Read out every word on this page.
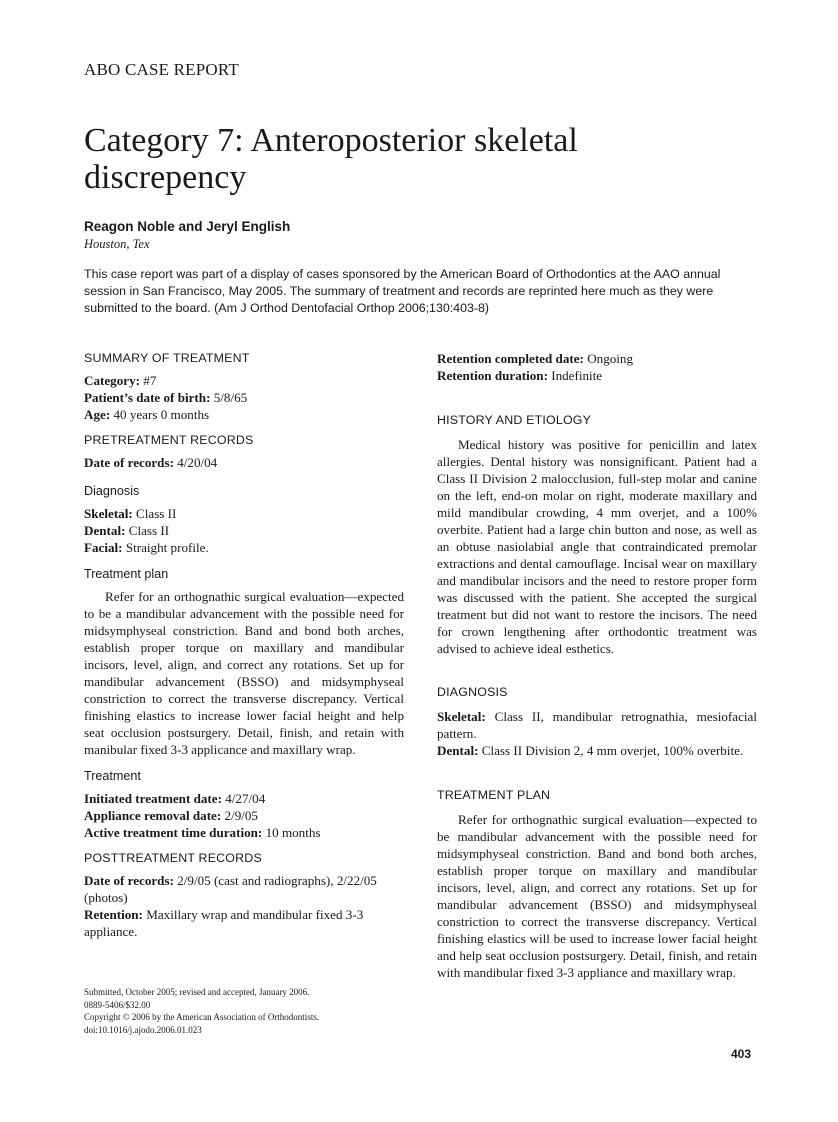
ABO CASE REPORT
Category 7: Anteroposterior skeletal discrepency
Reagon Noble and Jeryl English
Houston, Tex
This case report was part of a display of cases sponsored by the American Board of Orthodontics at the AAO annual session in San Francisco, May 2005. The summary of treatment and records are reprinted here much as they were submitted to the board. (Am J Orthod Dentofacial Orthop 2006;130:403-8)
SUMMARY OF TREATMENT

Category: #7

Patient’s date of birth: 5/8/65

Age: 40 years 0 months

PRETREATMENT RECORDS

Date of records: 4/20/04

Diagnosis

Skeletal: Class II

Dental: Class II

Facial: Straight profile.

Treatment plan

Refer for an orthognathic surgical evaluation—expected to be a mandibular advancement with the possible need for midsymphyseal constriction. Band and bond both arches, establish proper torque on maxillary and mandibular incisors, level, align, and correct any rotations. Set up for mandibular advancement (BSSO) and midsymphyseal constriction to correct the transverse discrepancy. Vertical finishing elastics to increase lower facial height and help seat occlusion postsurgery. Detail, finish, and retain with manibular fixed 3-3 applicance and maxillary wrap.

Treatment

Initiated treatment date: 4/27/04

Appliance removal date: 2/9/05

Active treatment time duration: 10 months

POSTTREATMENT RECORDS

Date of records: 2/9/05 (cast and radiographs), 2/22/05 (photos)

Retention: Maxillary wrap and mandibular fixed 3-3 appliance.

Retention completed date: Ongoing

Retention duration: Indefinite

HISTORY AND ETIOLOGY

Medical history was positive for penicillin and latex allergies. Dental history was nonsignificant. Patient had a Class II Division 2 malocclusion, full-step molar and canine on the left, end-on molar on right, moderate maxillary and mild mandibular crowding, 4 mm overjet, and a 100% overbite. Patient had a large chin button and nose, as well as an obtuse nasiolabial angle that contraindicated premolar extractions and dental camouflage. Incisal wear on maxillary and mandibular incisors and the need to restore proper form was discussed with the patient. She accepted the surgical treatment but did not want to restore the incisors. The need for crown lengthening after orthodontic treatment was advised to achieve ideal esthetics.

DIAGNOSIS

Skeletal: Class II, mandibular retrognathia, mesiofacial pattern.

Dental: Class II Division 2, 4 mm overjet, 100% overbite.

TREATMENT PLAN

Refer for orthognathic surgical evaluation—expected to be mandibular advancement with the possible need for midsymphyseal constriction. Band and bond both arches, establish proper torque on maxillary and mandibular incisors, level, align, and correct any rotations. Set up for mandibular advancement (BSSO) and midsymphyseal constriction to correct the transverse discrepancy. Vertical finishing elastics will be used to increase lower facial height and help seat occlusion postsurgery. Detail, finish, and retain with mandibular fixed 3-3 appliance and maxillary wrap.

Submitted, October 2005; revised and accepted, January 2006.
0889-5406/$32.00
Copyright © 2006 by the American Association of Orthodontists.
doi:10.1016/j.ajodo.2006.01.023
403
